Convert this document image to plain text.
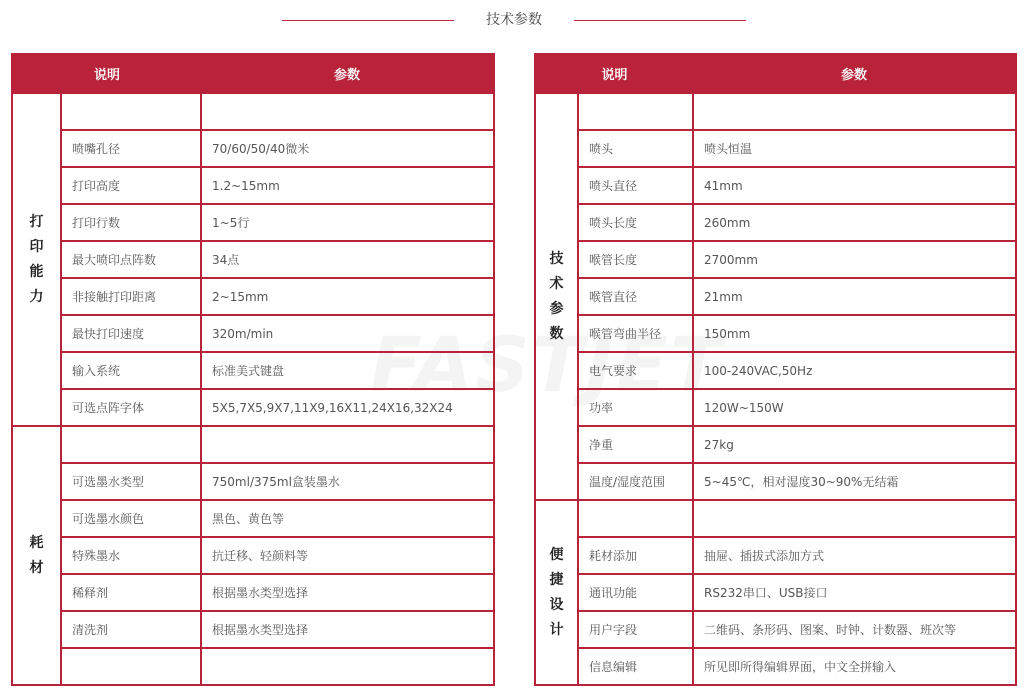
技术参数
说明		参数

打
印
能
力		

	喷嘴孔径	70/60/50/40微米
	打印高度	1.2~15mm
	打印行数	1~5行
	最大喷印点阵数	34点
	非接触打印距离	2~15mm
	最快打印速度	320m/min
	输入系统	标准美式键盘
	可选点阵字体	5X5,7X5,9X7,11X9,16X11,24X16,32X24

耗
材		

	可选墨水类型	750ml/375ml盒装墨水
	可选墨水颜色	黑色、黄色等
	特殊墨水	抗迁移、轻颜料等
	稀释剂	根据墨水类型选择
	清洗剂	根据墨水类型选择

说明		参数

技
术
参
数		

	喷头	喷头恒温
	喷头直径	41mm
	喷头长度	260mm
	喉管长度	2700mm
	喉管直径	21mm
	喉管弯曲半径	150mm
	电气要求	100-240VAC,50Hz
	功率	120W~150W
	净重	27kg
	温度/湿度范围	5~45℃，相对湿度30~90%无结霜

便
捷
设
计		

	耗材添加	抽屉、插拔式添加方式
	通讯功能	RS232串口、USB接口
	用户字段	二维码、条形码、图案、时钟、计数器、班次等
	信息编辑	所见即所得编辑界面，中文全拼输入
